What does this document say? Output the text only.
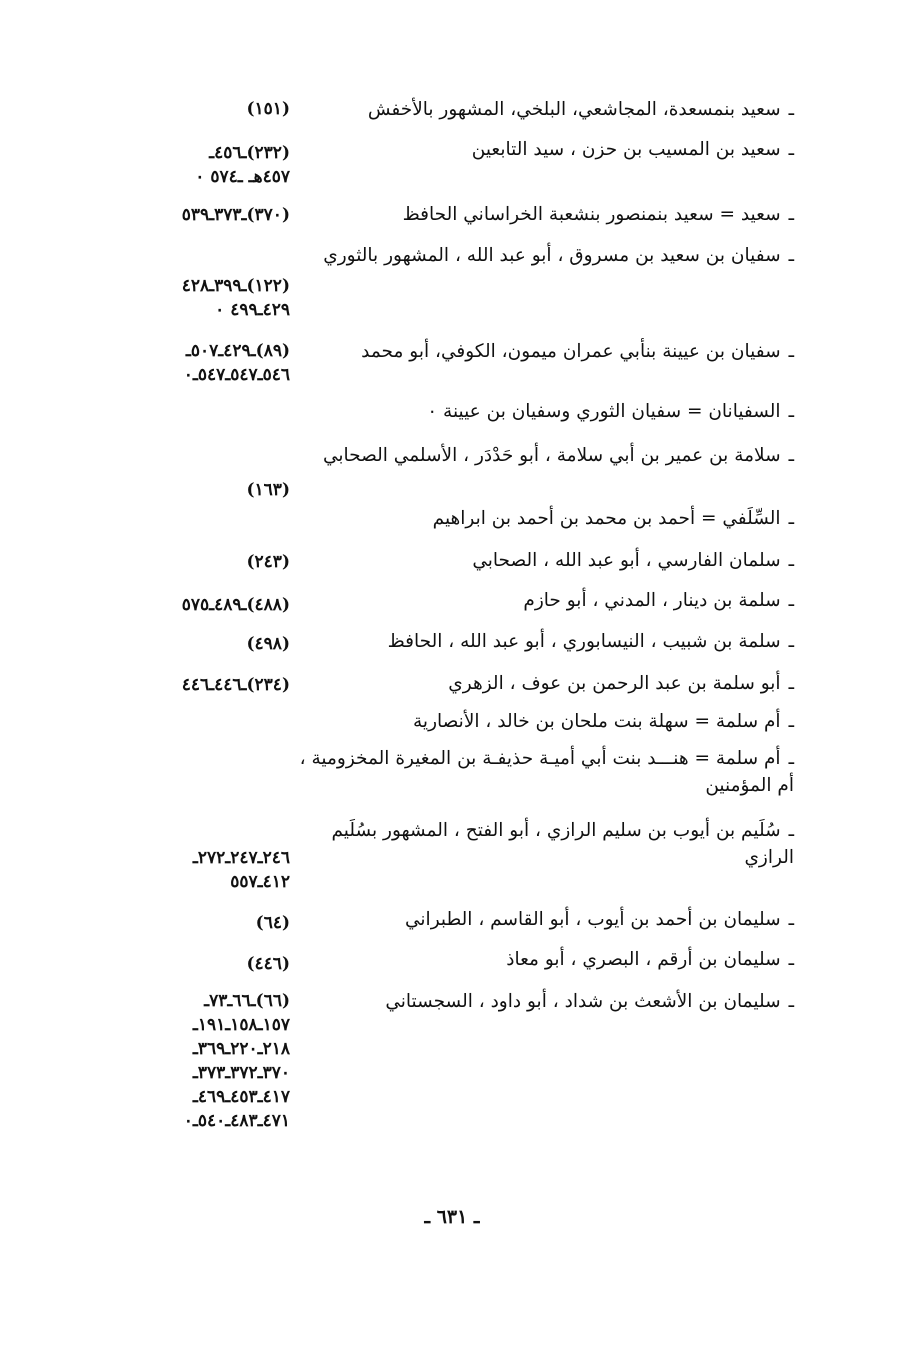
ـسعيد بنمسعدة، المجاشعي، البلخي، المشهور بالأخفش
(١٥١)
ـسعيد بن المسيب بن حزن ، سيد التابعين
(٢٣٢)ـ٤٥٦ـ
٤٥٧هـ ـ٥٧٤ ٠
ـسعيد = سعيد بنمنصور بنشعبة الخراساني الحافظ
(٣٧٠)ـ٣٧٣ـ٥٣٩
ـسفيان بن سعيد بن مسروق ، أبو عبد الله ، المشهور بالثوري
(١٢٢)ـ٣٩٩ـ٤٢٨
٤٢٩ـ٤٩٩ ٠
ـسفيان بن عيينة بنأبي عمران ميمون، الكوفي، أبو محمد
(٨٩)ـ٤٢٩ـ٥٠٧ـ
٥٤٦ـ٥٤٧ـ٥٤٧ـ٠
ـالسفيانان = سفيان الثوري وسفيان بن عيينة ٠
ـسلامة بن عمير بن أبي سلامة ، أبو حَدْدَر ، الأسلمي الصحابي
(١٦٣)
ـالسِّلَفي = أحمد بن محمد بن أحمد بن ابراهيم
ـسلمان الفارسي ، أبو عبد الله ، الصحابي
(٢٤٣)
ـسلمة بن دينار ، المدني ، أبو حازم
(٤٨٨)ـ٤٨٩ـ٥٧٥
ـسلمة بن شبيب ، النيسابوري ، أبو عبد الله ، الحافظ
(٤٩٨)
ـأبو سلمة بن عبد الرحمن بن عوف ، الزهري
(٢٣٤)ـ٤٤٦ـ٤٤٦
ـأم سلمة = سهلة بنت ملحان بن خالد ، الأنصارية
ـأم سلمة = هنـــد بنت أبي أميـة حذيفـة بن المغيرة المخزومية ، أم المؤمنين
ـسُلَيم بن أيوب بن سليم الرازي ، أبو الفتح ، المشهور بسُلَيم الرازي
٢٤٦ـ٢٤٧ـ٢٧٢ـ
٤١٢ـ٥٥٧
ـسليمان بن أحمد بن أيوب ، أبو القاسم ، الطبراني
(٦٤)
ـسليمان بن أرقم ، البصري ، أبو معاذ
(٤٤٦)
ـسليمان بن الأشعث بن شداد ، أبو داود ، السجستاني
(٦٦)ـ٦٦ـ٧٣ـ
١٥٧ـ١٥٨ـ١٩١ـ
٢١٨ـ٢٢٠ـ٣٦٩ـ
٣٧٠ـ٣٧٢ـ٣٧٣ـ
٤١٧ـ٤٥٣ـ٤٦٩ـ
٤٧١ـ٤٨٣ـ٥٤٠ـ٠
ـ ٦٣١ ـ
